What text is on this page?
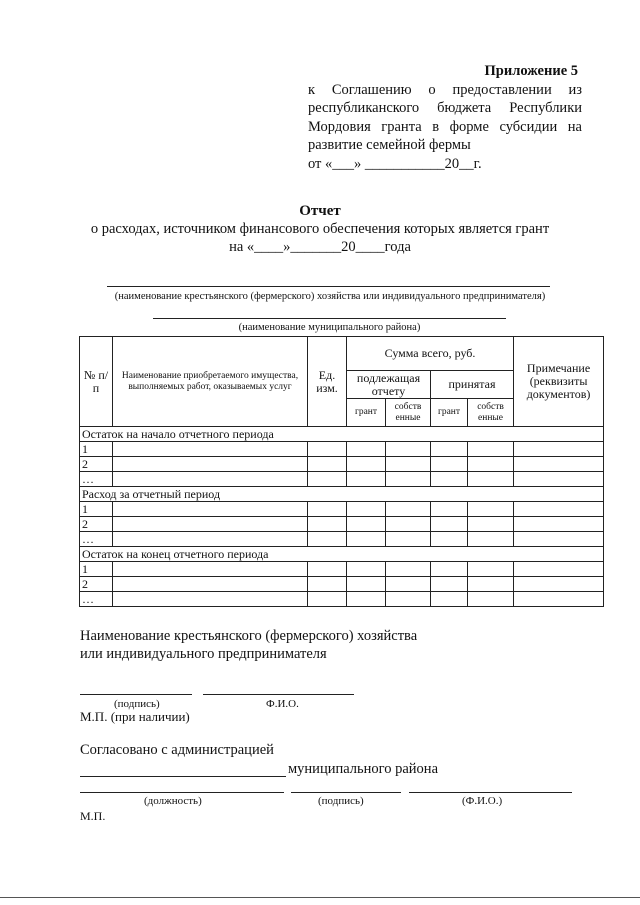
Приложение 5
к Соглашению о предоставлении из
республиканского бюджета Республики
Мордовия гранта в форме субсидии на
развитие семейной фермы
от «___» ___________20__г.
Отчет
о расходах, источником финансового обеспечения которых является грант
на «____»_______20____года
(наименование крестьянского (фермерского) хозяйства или индивидуального предпринимателя)
(наименование муниципального района)
№ п/п	Наименование приобретаемого имущества, выполняемых работ, оказываемых услуг	Ед. изм.	Сумма всего, руб.				Примечание (реквизиты документов)
			подлежащая отчету		принятая		
			грант	собств енные	грант	собств енные	
Остаток на начало отчетного периода							
1							
2							
…							
Расход за отчетный период							
1							
2							
…							
Остаток на конец отчетного периода							
1							
2							
…							
Наименование крестьянского (фермерского) хозяйства
или индивидуального предпринимателя
(подпись)	Ф.И.О.
М.П. (при наличии)
Согласовано с администрацией
муниципального района
(должность)	(подпись)	(Ф.И.О.)
М.П.
